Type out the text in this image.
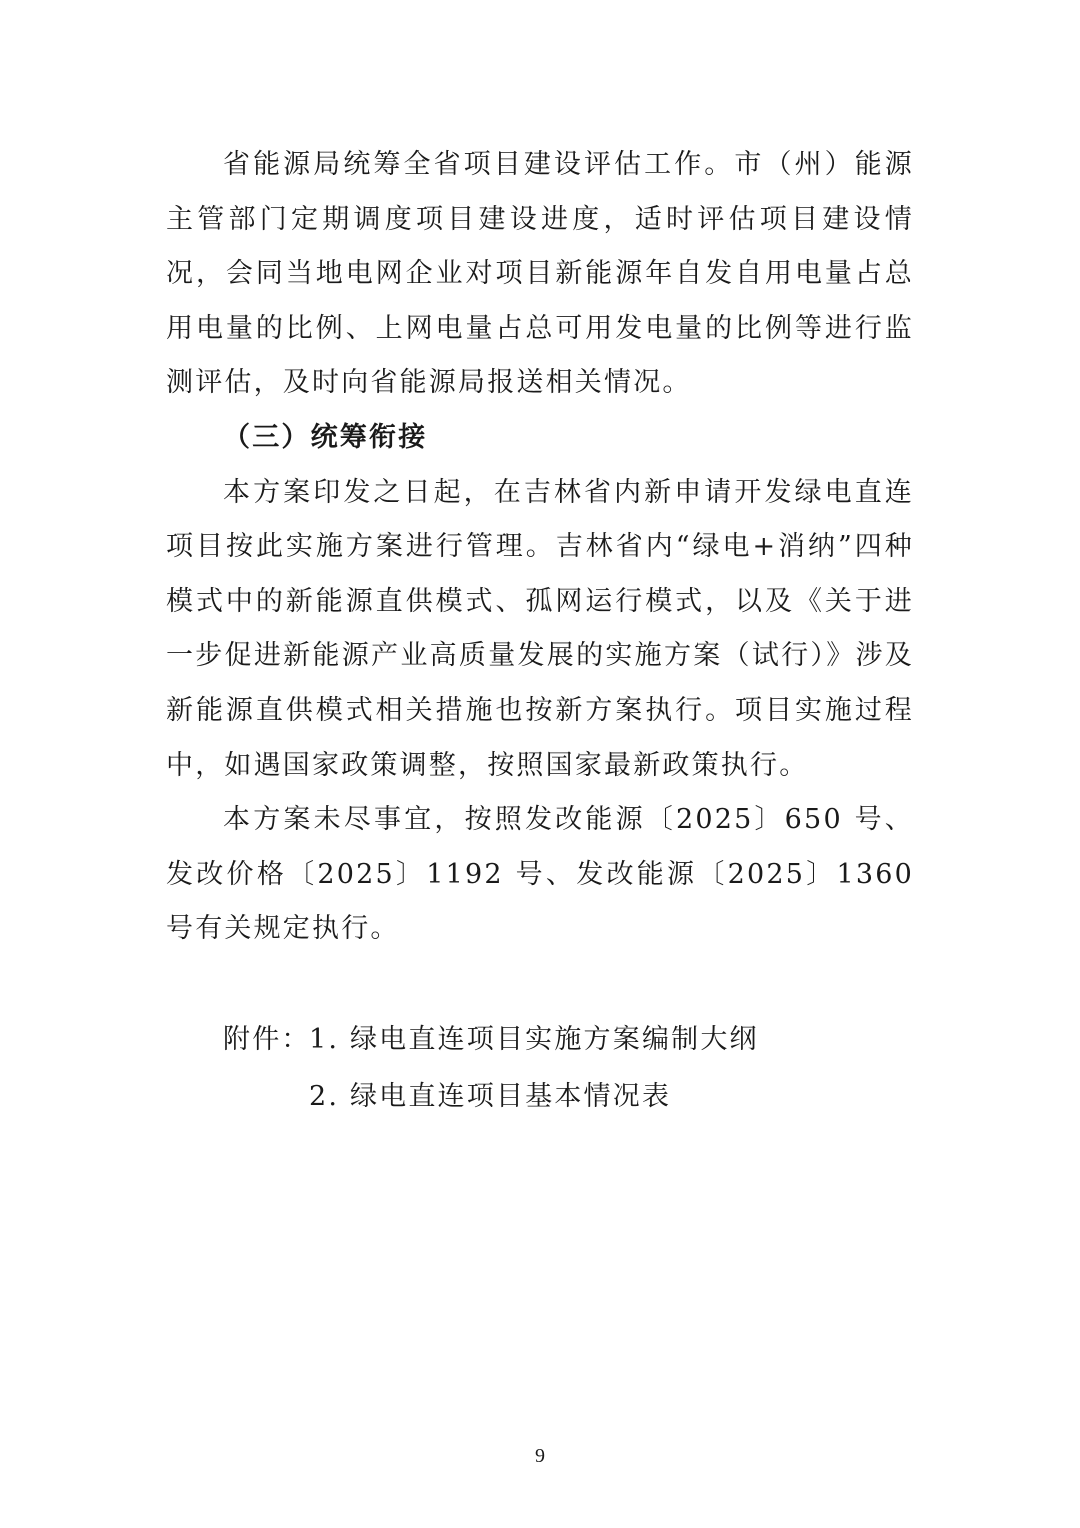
省能源局统筹全省项目建设评估工作。市（州）能源主管部门定期调度项目建设进度，适时评估项目建设情况，会同当地电网企业对项目新能源年自发自用电量占总用电量的比例、上网电量占总可用发电量的比例等进行监测评估，及时向省能源局报送相关情况。

（三）统筹衔接

本方案印发之日起，在吉林省内新申请开发绿电直连项目按此实施方案进行管理。吉林省内“绿电+消纳”四种模式中的新能源直供模式、孤网运行模式，以及《关于进一步促进新能源产业高质量发展的实施方案（试行）》涉及新能源直供模式相关措施也按新方案执行。项目实施过程中，如遇国家政策调整，按照国家最新政策执行。

本方案未尽事宜，按照发改能源〔2025〕650 号、发改价格〔2025〕1192 号、发改能源〔2025〕1360 号有关规定执行。

附件：
1. 绿电直连项目实施方案编制大纲
2. 绿电直连项目基本情况表
9
